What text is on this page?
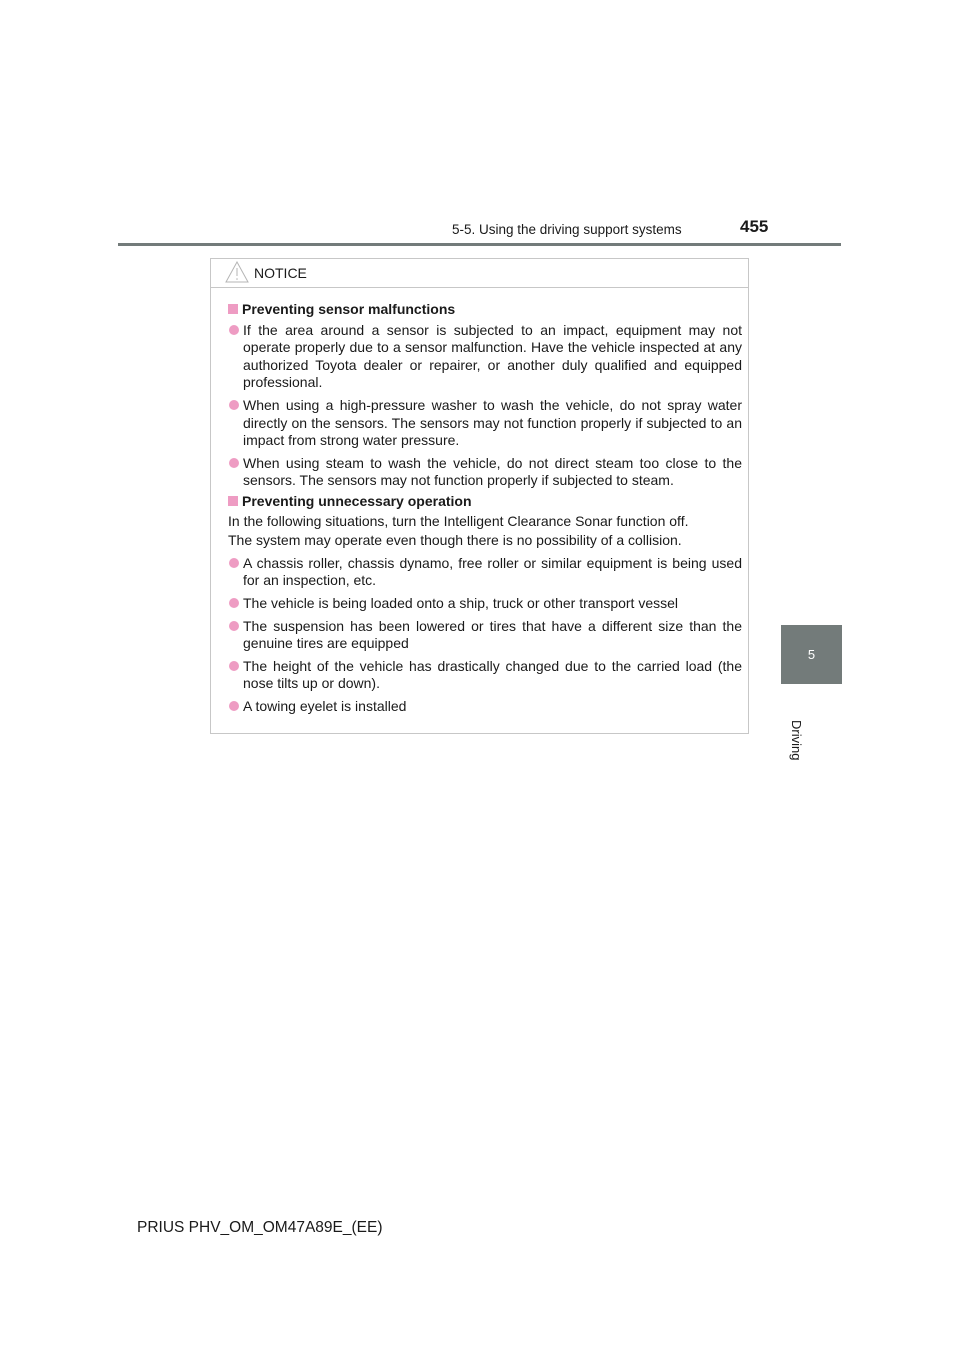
5-5. Using the driving support systems	455
5
Driving
NOTICE
Preventing sensor malfunctions
If the area around a sensor is subjected to an impact, equipment may not operate properly due to a sensor malfunction. Have the vehicle inspected at any authorized Toyota dealer or repairer, or another duly qualified and equipped professional.
When using a high-pressure washer to wash the vehicle, do not spray water directly on the sensors. The sensors may not function properly if subjected to an impact from strong water pressure.
When using steam to wash the vehicle, do not direct steam too close to the sensors. The sensors may not function properly if subjected to steam.
Preventing unnecessary operation
In the following situations, turn the Intelligent Clearance Sonar function off.
The system may operate even though there is no possibility of a collision.
A chassis roller, chassis dynamo, free roller or similar equipment is being used for an inspection, etc.
The vehicle is being loaded onto a ship, truck or other transport vessel
The suspension has been lowered or tires that have a different size than the genuine tires are equipped
The height of the vehicle has drastically changed due to the carried load (the nose tilts up or down).
A towing eyelet is installed
PRIUS PHV_OM_OM47A89E_(EE)
